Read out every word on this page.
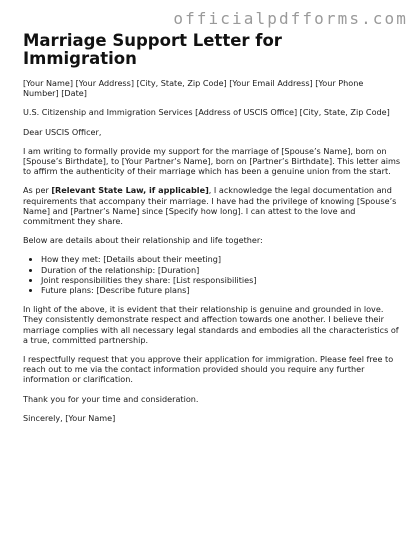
officialpdfforms.com
Marriage Support Letter for Immigration

[Your Name] [Your Address] [City, State, Zip Code] [Your Email Address] [Your Phone Number] [Date]

U.S. Citizenship and Immigration Services [Address of USCIS Office] [City, State, Zip Code]

Dear USCIS Officer,

I am writing to formally provide my support for the marriage of [Spouse’s Name], born on [Spouse’s Birthdate], to [Your Partner’s Name], born on [Partner’s Birthdate]. This letter aims to affirm the authenticity of their marriage which has been a genuine union from the start.

As per [Relevant State Law, if applicable], I acknowledge the legal documentation and requirements that accompany their marriage. I have had the privilege of knowing [Spouse’s Name] and [Partner’s Name] since [Specify how long]. I can attest to the love and commitment they share.

Below are details about their relationship and life together:

• How they met: [Details about their meeting]
• Duration of the relationship: [Duration]
• Joint responsibilities they share: [List responsibilities]
• Future plans: [Describe future plans]

In light of the above, it is evident that their relationship is genuine and grounded in love. They consistently demonstrate respect and affection towards one another. I believe their marriage complies with all necessary legal standards and embodies all the characteristics of a true, committed partnership.

I respectfully request that you approve their application for immigration. Please feel free to reach out to me via the contact information provided should you require any further information or clarification.

Thank you for your time and consideration.

Sincerely, [Your Name]
